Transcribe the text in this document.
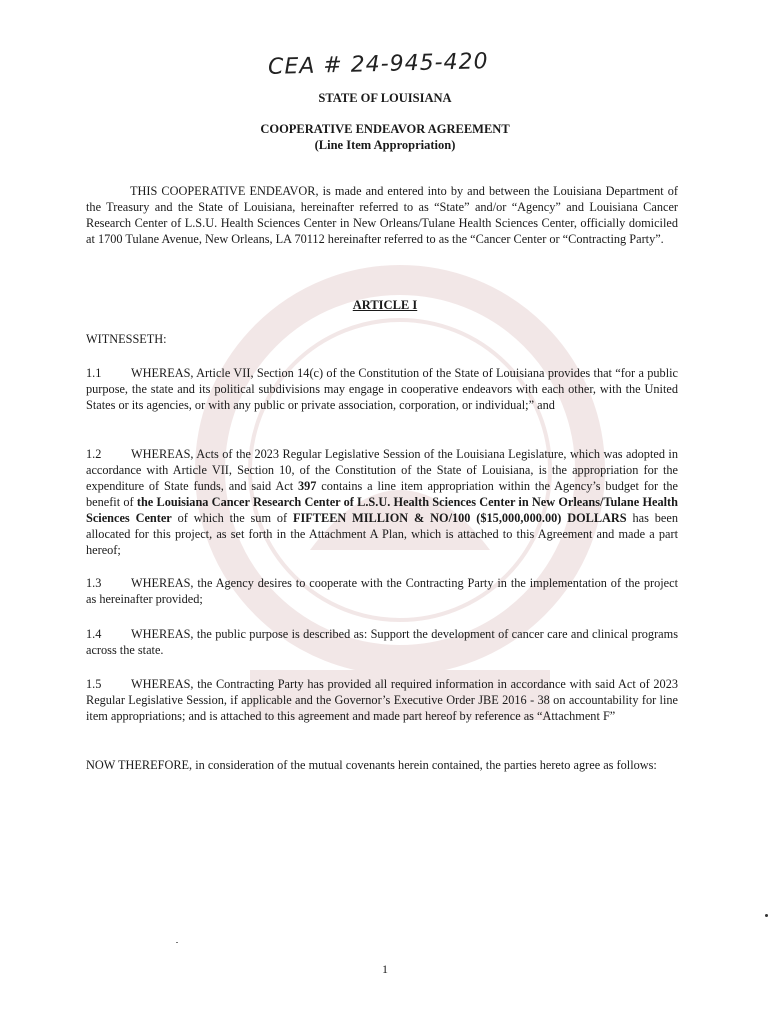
CEA # 24-945-420
STATE OF LOUISIANA
COOPERATIVE ENDEAVOR AGREEMENT
(Line Item Appropriation)
THIS COOPERATIVE ENDEAVOR, is made and entered into by and between the Louisiana Department of the Treasury and the State of Louisiana, hereinafter referred to as “State” and/or “Agency” and Louisiana Cancer Research Center of L.S.U. Health Sciences Center in New Orleans/Tulane Health Sciences Center, officially domiciled at 1700 Tulane Avenue, New Orleans, LA 70112 hereinafter referred to as the “Cancer Center or “Contracting Party”.
ARTICLE I
WITNESSETH:
1.1 WHEREAS, Article VII, Section 14(c) of the Constitution of the State of Louisiana provides that “for a public purpose, the state and its political subdivisions may engage in cooperative endeavors with each other, with the United States or its agencies, or with any public or private association, corporation, or individual;” and
1.2 WHEREAS, Acts of the 2023 Regular Legislative Session of the Louisiana Legislature, which was adopted in accordance with Article VII, Section 10, of the Constitution of the State of Louisiana, is the appropriation for the expenditure of State funds, and said Act 397 contains a line item appropriation within the Agency’s budget for the benefit of the Louisiana Cancer Research Center of L.S.U. Health Sciences Center in New Orleans/Tulane Health Sciences Center of which the sum of FIFTEEN MILLION & NO/100 ($15,000,000.00) DOLLARS has been allocated for this project, as set forth in the Attachment A Plan, which is attached to this Agreement and made a part hereof;
1.3 WHEREAS, the Agency desires to cooperate with the Contracting Party in the implementation of the project as hereinafter provided;
1.4 WHEREAS, the public purpose is described as: Support the development of cancer care and clinical programs across the state.
1.5 WHEREAS, the Contracting Party has provided all required information in accordance with said Act of 2023 Regular Legislative Session, if applicable and the Governor’s Executive Order JBE 2016 - 38 on accountability for line item appropriations; and is attached to this agreement and made part hereof by reference as “Attachment F”
NOW THEREFORE, in consideration of the mutual covenants herein contained, the parties hereto agree as follows:
1
